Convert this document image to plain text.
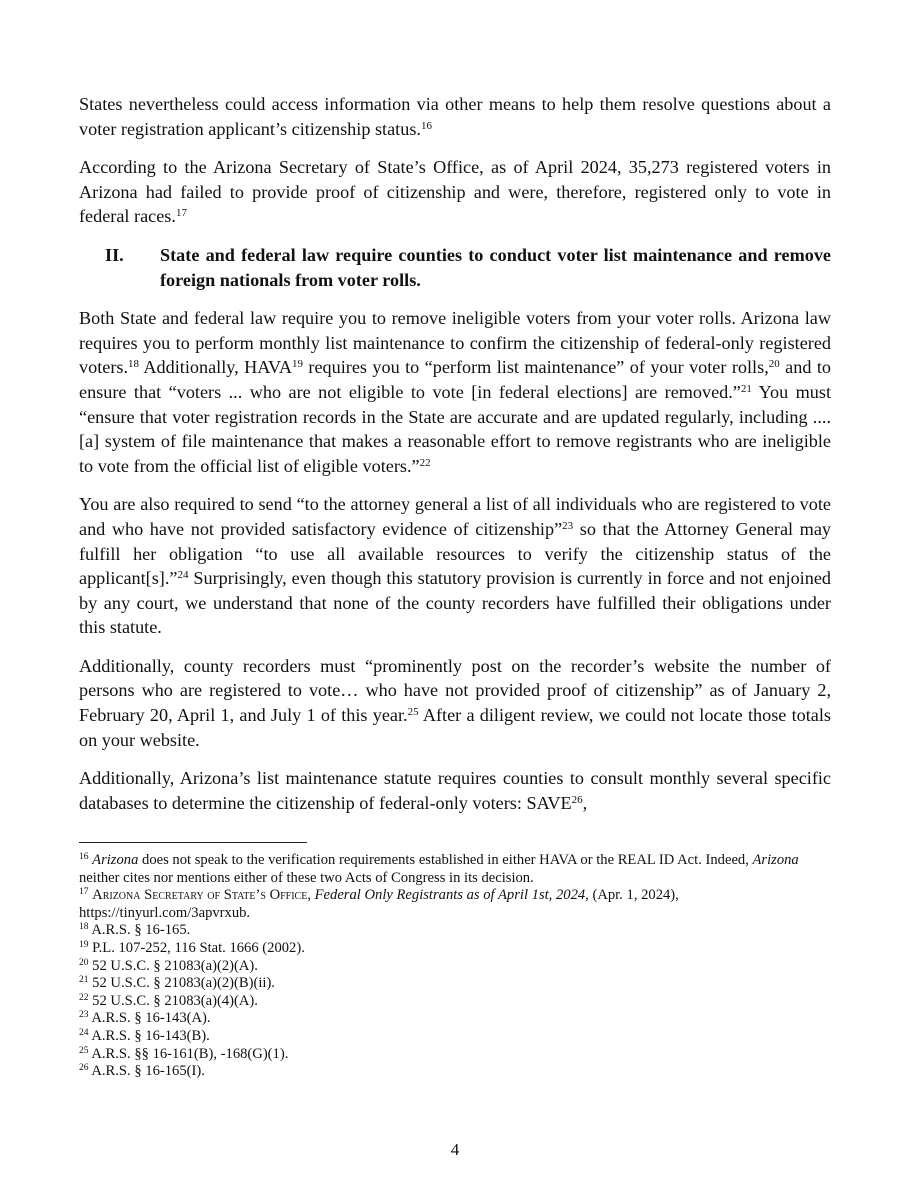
States nevertheless could access information via other means to help them resolve questions about a voter registration applicant’s citizenship status.$^{16}$

According to the Arizona Secretary of State’s Office, as of April 2024, 35,273 registered voters in Arizona had failed to provide proof of citizenship and were, therefore, registered only to vote in federal races.$^{17}$

II.	State and federal law require counties to conduct voter list maintenance and remove foreign nationals from voter rolls.

Both State and federal law require you to remove ineligible voters from your voter rolls. Arizona law requires you to perform monthly list maintenance to confirm the citizenship of federal-only registered voters.$^{18}$ Additionally, HAVA$^{19}$ requires you to “perform list maintenance” of your voter rolls,$^{20}$ and to ensure that “voters ... who are not eligible to vote [in federal elections] are removed.”$^{21}$ You must “ensure that voter registration records in the State are accurate and are updated regularly, including .... [a] system of file maintenance that makes a reasonable effort to remove registrants who are ineligible to vote from the official list of eligible voters.”$^{22}$

You are also required to send “to the attorney general a list of all individuals who are registered to vote and who have not provided satisfactory evidence of citizenship”$^{23}$ so that the Attorney General may fulfill her obligation “to use all available resources to verify the citizenship status of the applicant[s].”$^{24}$ Surprisingly, even though this statutory provision is currently in force and not enjoined by any court, we understand that none of the county recorders have fulfilled their obligations under this statute.

Additionally, county recorders must “prominently post on the recorder’s website the number of persons who are registered to vote… who have not provided proof of citizenship” as of January 2, February 20, April 1, and July 1 of this year.$^{25}$ After a diligent review, we could not locate those totals on your website.

Additionally, Arizona’s list maintenance statute requires counties to consult monthly several specific databases to determine the citizenship of federal-only voters: SAVE$^{26}$,

$^{16}$ Arizona does not speak to the verification requirements established in either HAVA or the REAL ID Act. Indeed, Arizona neither cites nor mentions either of these two Acts of Congress in its decision.

$^{17}$ Arizona Secretary of State’s Office, Federal Only Registrants as of April 1st, 2024, (Apr. 1, 2024), https://tinyurl.com/3apvrxub.

$^{18}$ A.R.S. § 16-165.

$^{19}$ P.L. 107-252, 116 Stat. 1666 (2002).

$^{20}$ 52 U.S.C. § 21083(a)(2)(A).

$^{21}$ 52 U.S.C. § 21083(a)(2)(B)(ii).

$^{22}$ 52 U.S.C. § 21083(a)(4)(A).

$^{23}$ A.R.S. § 16-143(A).

$^{24}$ A.R.S. § 16-143(B).

$^{25}$ A.R.S. §§ 16-161(B), -168(G)(1).

$^{26}$ A.R.S. § 16-165(I).

4
